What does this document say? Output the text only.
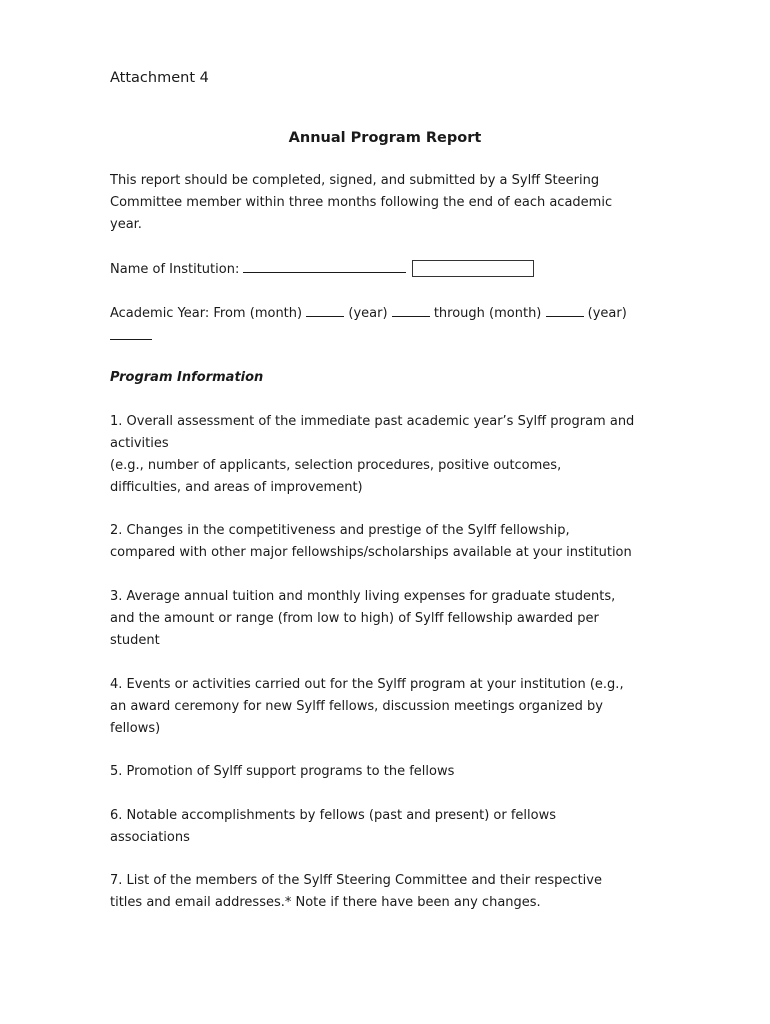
Attachment 4
Annual Program Report
This report should be completed, signed, and submitted by a Sylff Steering
Committee member within three months following the end of each academic
year.
Name of Institution:
Academic Year: From (month)	(year)	through (month)	(year)
Program Information
1. Overall assessment of the immediate past academic year’s Sylff program and
activities
(e.g., number of applicants, selection procedures, positive outcomes,
difficulties, and areas of improvement)
2. Changes in the competitiveness and prestige of the Sylff fellowship,
compared with other major fellowships/scholarships available at your institution
3. Average annual tuition and monthly living expenses for graduate students,
and the amount or range (from low to high) of Sylff fellowship awarded per
student
4. Events or activities carried out for the Sylff program at your institution (e.g.,
an award ceremony for new Sylff fellows, discussion meetings organized by
fellows)
5. Promotion of Sylff support programs to the fellows
6. Notable accomplishments by fellows (past and present) or fellows
associations
7. List of the members of the Sylff Steering Committee and their respective
titles and email addresses.* Note if there have been any changes.
